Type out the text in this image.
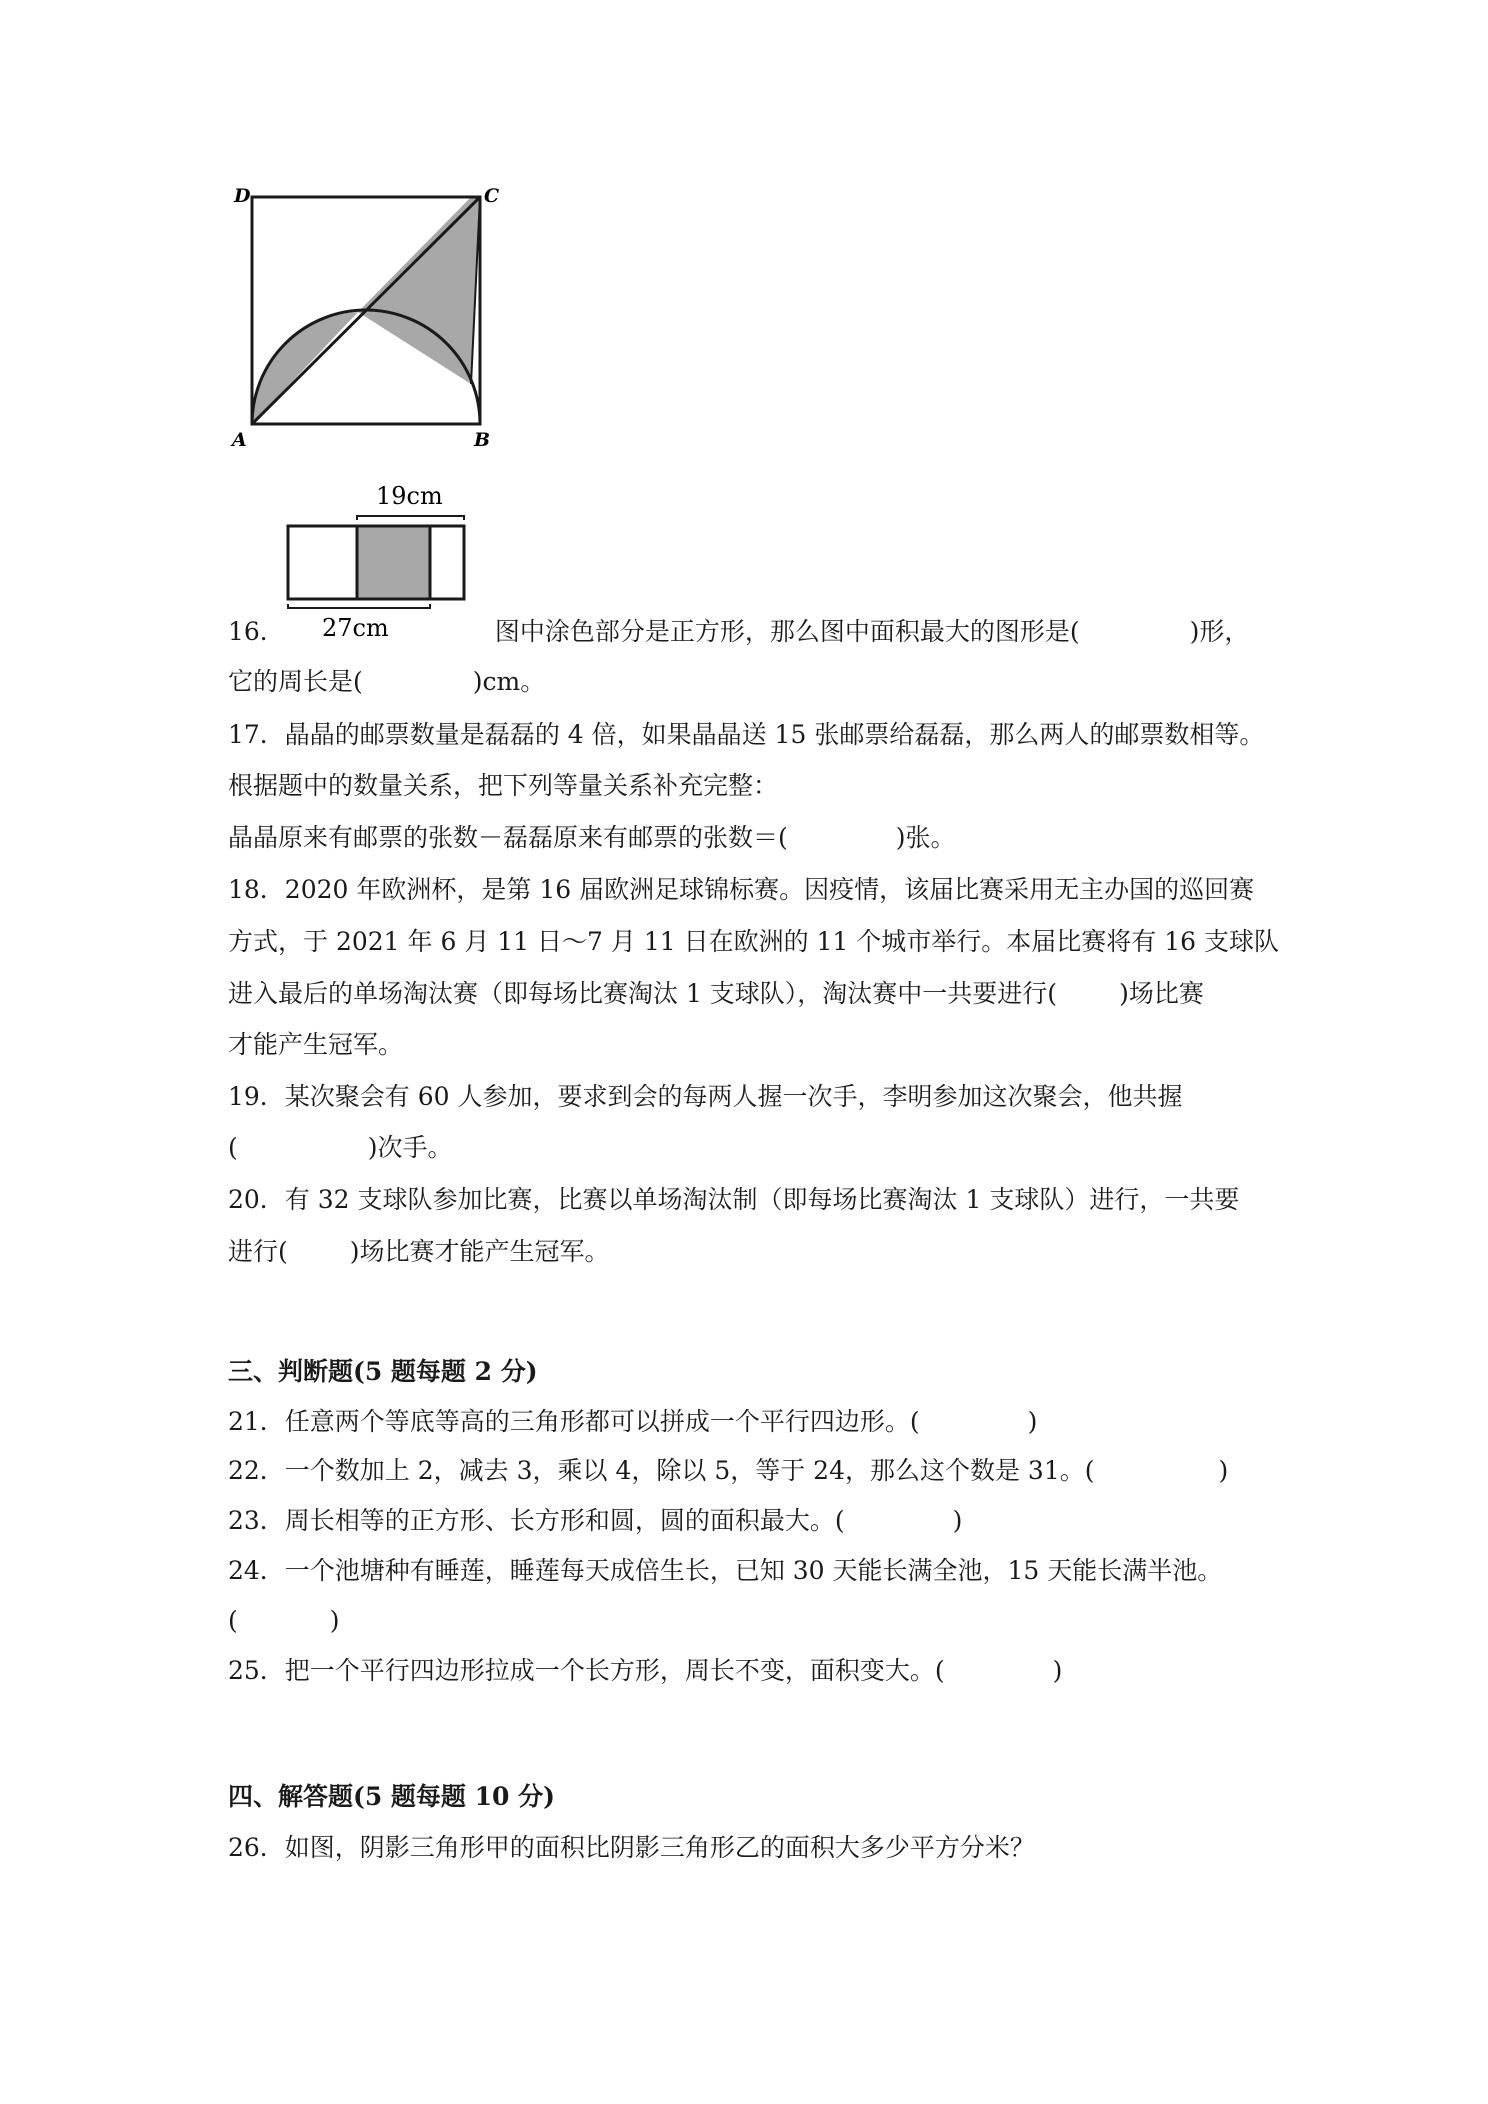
D	C
A	B
19cm
27cm
16．	图中涂色部分是正方形，那么图中面积最大的图形是(	)形，
它的周长是(	)cm。
17．晶晶的邮票数量是磊磊的 4 倍，如果晶晶送 15 张邮票给磊磊，那么两人的邮票数相等。
根据题中的数量关系，把下列等量关系补充完整：
晶晶原来有邮票的张数－磊磊原来有邮票的张数＝(	)张。
18．2020 年欧洲杯，是第 16 届欧洲足球锦标赛。因疫情，该届比赛采用无主办国的巡回赛
方式，于 2021 年 6 月 11 日～7 月 11 日在欧洲的 11 个城市举行。本届比赛将有 16 支球队
进入最后的单场淘汰赛（即每场比赛淘汰 1 支球队），淘汰赛中一共要进行( )场比赛
才能产生冠军。
19．某次聚会有 60 人参加，要求到会的每两人握一次手，李明参加这次聚会，他共握
(	)次手。
20．有 32 支球队参加比赛，比赛以单场淘汰制（即每场比赛淘汰 1 支球队）进行，一共要
进行( )场比赛才能产生冠军。
三、判断题(5 题每题 2 分)
21．任意两个等底等高的三角形都可以拼成一个平行四边形。(	)
22．一个数加上 2，减去 3，乘以 4，除以 5，等于 24，那么这个数是 31。(	)
23．周长相等的正方形、长方形和圆，圆的面积最大。(	)
24．一个池塘种有睡莲，睡莲每天成倍生长，已知 30 天能长满全池，15 天能长满半池。
(	)
25．把一个平行四边形拉成一个长方形，周长不变，面积变大。(	)
四、解答题(5 题每题 10 分)
26．如图，阴影三角形甲的面积比阴影三角形乙的面积大多少平方分米？
